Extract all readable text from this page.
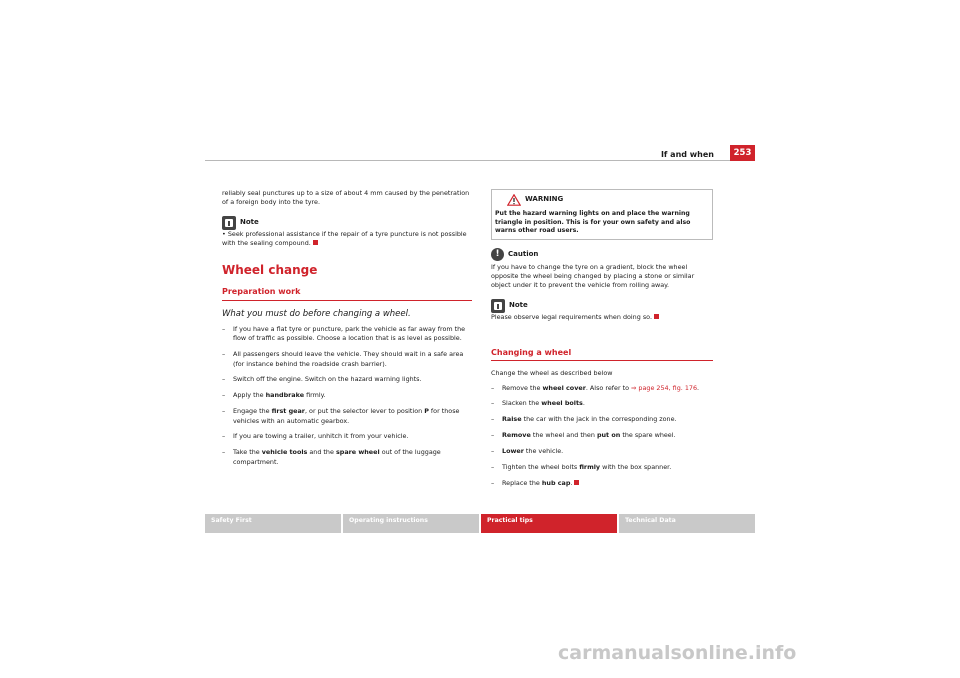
If and when	253

reliably seal punctures up to a size of about 4 mm caused by the penetration of a foreign body into the tyre.

Note

• Seek professional assistance if the repair of a tyre puncture is not possible with the sealing compound.

Wheel change
Preparation work
What you must do before changing a wheel.
– If you have a flat tyre or puncture, park the vehicle as far away from the flow of traffic as possible. Choose a location that is as level as possible.
– All passengers should leave the vehicle. They should wait in a safe area (for instance behind the roadside crash barrier).
– Switch off the engine. Switch on the hazard warning lights.
– Apply the handbrake firmly.
– Engage the first gear, or put the selector lever to position P for those vehicles with an automatic gearbox.
– If you are towing a trailer, unhitch it from your vehicle.
– Take the vehicle tools and the spare wheel out of the luggage compartment.
WARNING
Put the hazard warning lights on and place the warning triangle in position. This is for your own safety and also warns other road users.
!	Caution

If you have to change the tyre on a gradient, block the wheel opposite the wheel being changed by placing a stone or similar object under it to prevent the vehicle from rolling away.

Note

Please observe legal requirements when doing so.

Changing a wheel

Change the wheel as described below

– Remove the wheel cover. Also refer to ⇒ page 254, fig. 176.
– Slacken the wheel bolts.
– Raise the car with the jack in the corresponding zone.
– Remove the wheel and then put on the spare wheel.
– Lower the vehicle.
– Tighten the wheel bolts firmly with the box spanner.
– Replace the hub cap.
Safety First	Operating instructions	Practical tips	Technical Data
carmanualsonline.info
